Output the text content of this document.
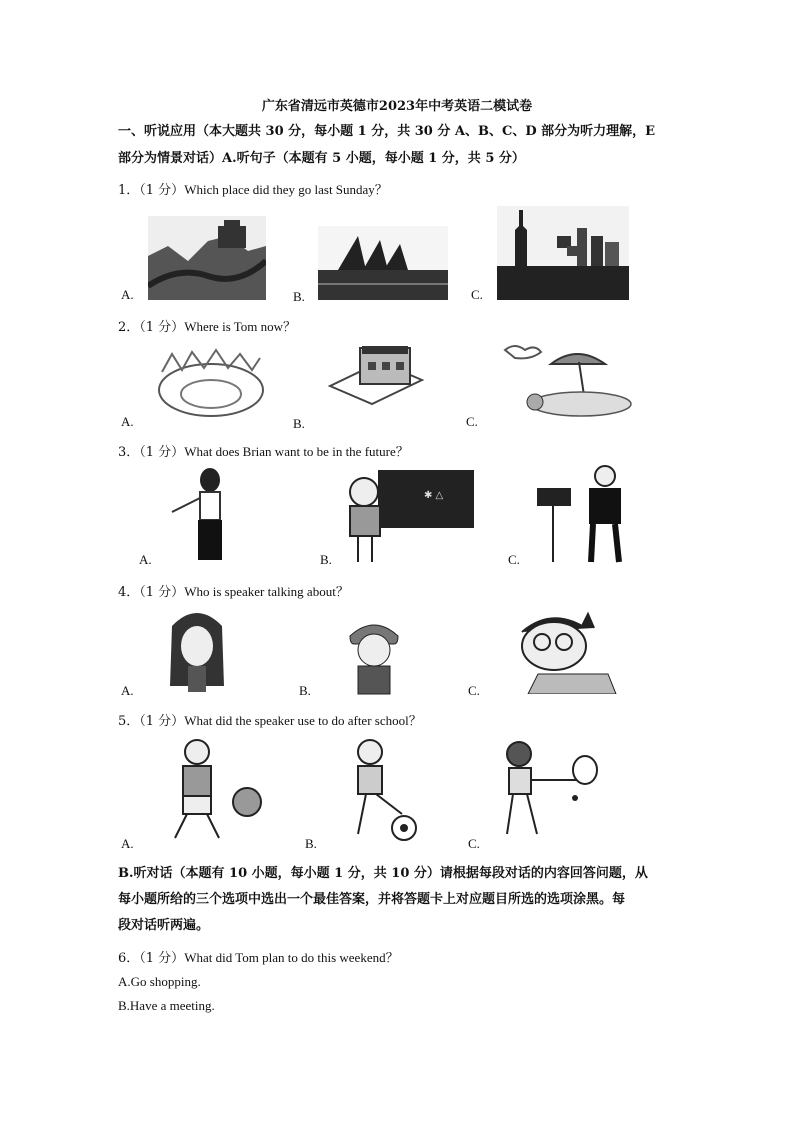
广东省清远市英德市2023年中考英语二模试卷
一、听说应用（本大题共 30 分，每小题 1 分，共 30 分 A、B、C、D 部分为听力理解，E
部分为情景对话）A.听句子（本题有 5 小题，每小题 1 分，共 5 分）
1．（1 分）Which place did they go last Sunday？
A.	B.	C.
2．（1 分）Where is Tom now？
A.	B.	C.
3．（1 分）What does Brian want to be in the future？
A.
✱ △
B.	C.
4．（1 分）Who is speaker talking about？
A.	B.	C.
5．（1 分）What did the speaker use to do after school？
A.	B.	C.
B.听对话（本题有 10 小题，每小题 1 分，共 10 分）请根据每段对话的内容回答问题，从
每小题所给的三个选项中选出一个最佳答案，并将答题卡上对应题目所选的选项涂黑。每
段对话听两遍。
6．（1 分）What did Tom plan to do this weekend？
A.Go shopping.
B.Have a meeting.
